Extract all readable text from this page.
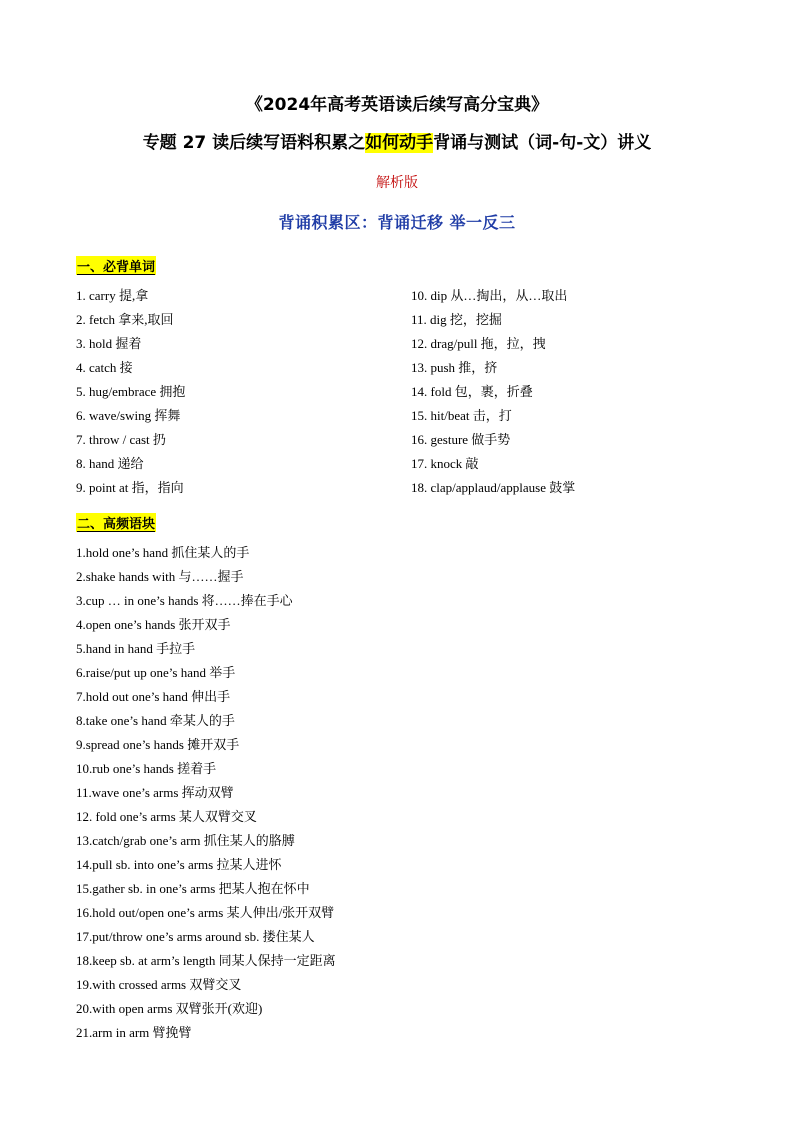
《2024年高考英语读后续写高分宝典》
专题 27 读后续写语料积累之如何动手背诵与测试（词-句-文）讲义
解析版
背诵积累区：背诵迁移 举一反三
一、必背单词
1. carry 提,拿
2. fetch 拿来,取回
3. hold 握着
4. catch 接
5. hug/embrace 拥抱
6. wave/swing 挥舞
7. throw / cast 扔
8. hand 递给
9. point at 指，指向
10. dip 从…掏出，从…取出
11. dig 挖，挖掘
12. drag/pull 拖，拉，拽
13. push 推，挤
14. fold 包，裹，折叠
15. hit/beat 击，打
16. gesture 做手势
17. knock 敲
18. clap/applaud/applause 鼓掌
二、高频语块
1.hold one’s hand 抓住某人的手
2.shake hands with 与……握手
3.cup … in one’s hands 将……捧在手心
4.open one’s hands 张开双手
5.hand in hand 手拉手
6.raise/put up one’s hand 举手
7.hold out one’s hand 伸出手
8.take one’s hand 牵某人的手
9.spread one’s hands 摊开双手
10.rub one’s hands 搓着手
11.wave one’s arms 挥动双臂
12. fold one’s arms 某人双臂交叉
13.catch/grab one’s arm 抓住某人的胳膊
14.pull sb. into one’s arms 拉某人进怀
15.gather sb. in one’s arms 把某人抱在怀中
16.hold out/open one’s arms 某人伸出/张开双臂
17.put/throw one’s arms around sb. 搂住某人
18.keep sb. at arm’s length 同某人保持一定距离
19.with crossed arms 双臂交叉
20.with open arms 双臂张开(欢迎)
21.arm in arm 臂挽臂
